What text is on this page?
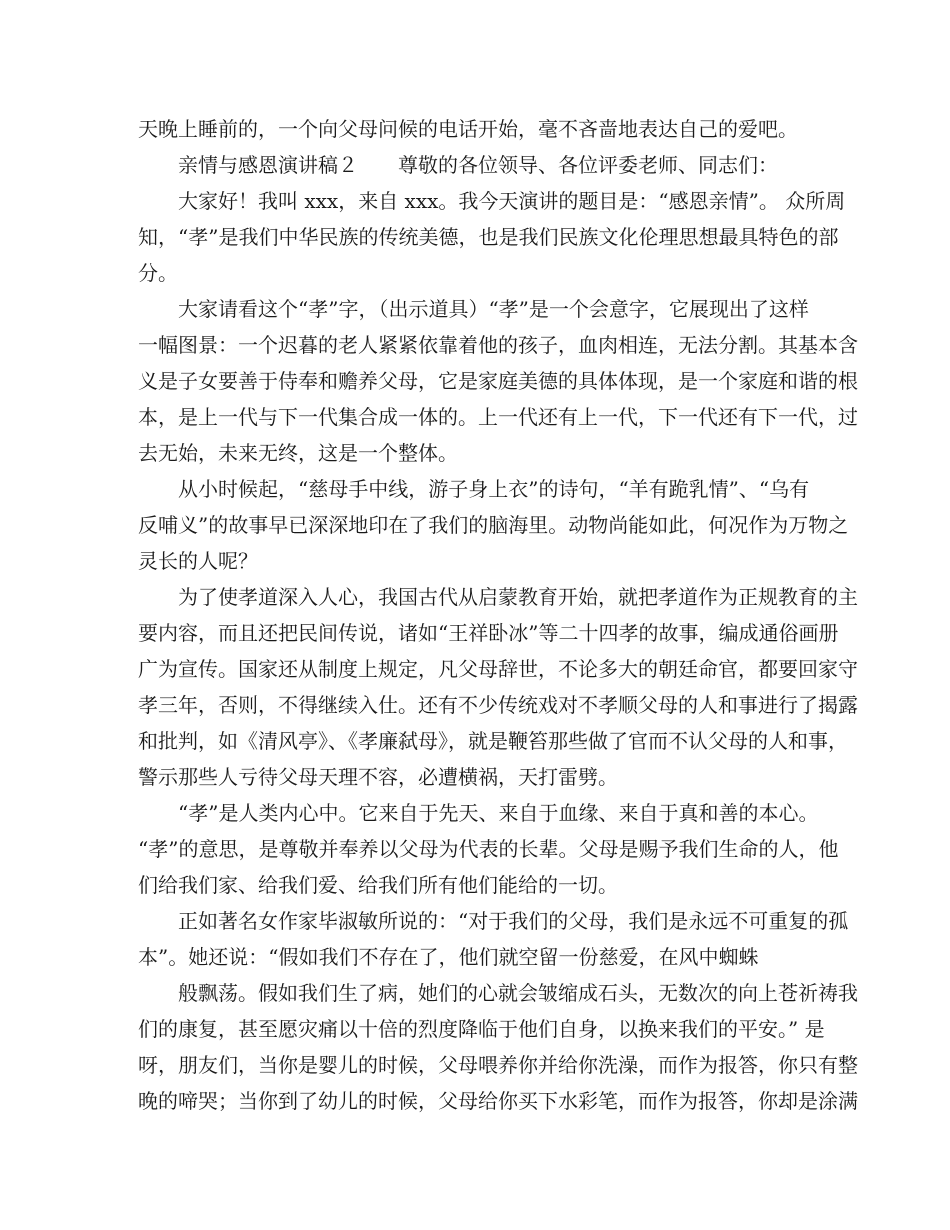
天晚上睡前的，一个向父母问候的电话开始，毫不吝啬地表达自己的爱吧。

亲情与感恩演讲稿２　　尊敬的各位领导、各位评委老师、同志们：

大家好！我叫 xxx，来自 xxx。我今天演讲的题目是：“感恩亲情”。 众所周

知，“孝”是我们中华民族的传统美德，也是我们民族文化伦理思想最具特色的部

分。

大家请看这个“孝”字，（出示道具）“孝”是一个会意字，它展现出了这样

一幅图景：一个迟暮的老人紧紧依靠着他的孩子，血肉相连，无法分割。其基本含

义是子女要善于侍奉和赡养父母，它是家庭美德的具体体现，是一个家庭和谐的根

本，是上一代与下一代集合成一体的。上一代还有上一代，下一代还有下一代，过

去无始，未来无终，这是一个整体。

从小时候起，“慈母手中线，游子身上衣”的诗句，“羊有跪乳情”、“乌有

反哺义”的故事早已深深地印在了我们的脑海里。动物尚能如此，何况作为万物之

灵长的人呢？

为了使孝道深入人心，我国古代从启蒙教育开始，就把孝道作为正规教育的主

要内容，而且还把民间传说，诸如“王祥卧冰”等二十四孝的故事，编成通俗画册

广为宣传。国家还从制度上规定，凡父母辞世，不论多大的朝廷命官，都要回家守

孝三年，否则，不得继续入仕。还有不少传统戏对不孝顺父母的人和事进行了揭露

和批判，如《清风亭》、《孝廉弑母》，就是鞭笞那些做了官而不认父母的人和事，

警示那些人亏待父母天理不容，必遭横祸，天打雷劈。

“孝”是人类内心中。它来自于先天、来自于血缘、来自于真和善的本心。

“孝”的意思，是尊敬并奉养以父母为代表的长辈。父母是赐予我们生命的人，他

们给我们家、给我们爱、给我们所有他们能给的一切。

正如著名女作家毕淑敏所说的：“对于我们的父母，我们是永远不可重复的孤

本”。她还说：“假如我们不存在了，他们就空留一份慈爱，在风中蜘蛛

般飘荡。假如我们生了病，她们的心就会皱缩成石头，无数次的向上苍祈祷我

们的康复，甚至愿灾痛以十倍的烈度降临于他们自身，以换来我们的平安。” 是

呀，朋友们，当你是婴儿的时候，父母喂养你并给你洗澡，而作为报答，你只有整

晚的啼哭；当你到了幼儿的时候，父母给你买下水彩笔，而作为报答，你却是涂满
